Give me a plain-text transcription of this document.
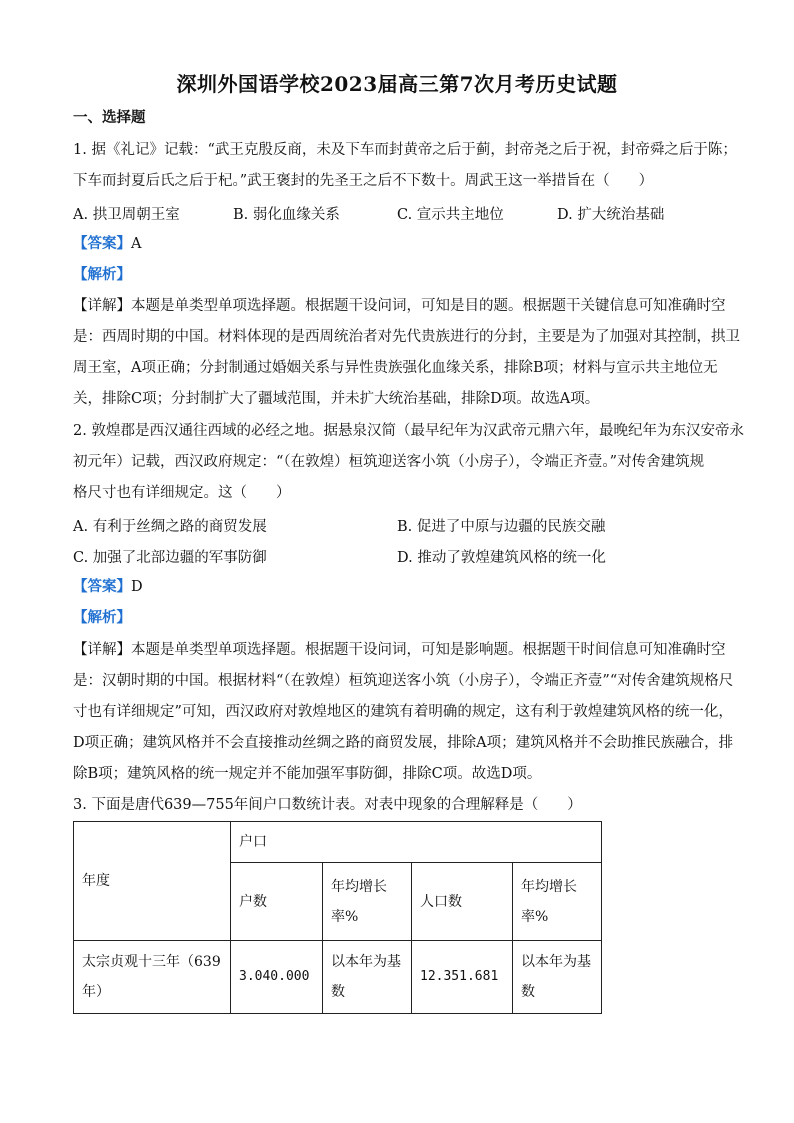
深圳外国语学校2023届高三第7次月考历史试题
一、选择题
1. 据《礼记》记载：“武王克殷反商，未及下车而封黄帝之后于蓟，封帝尧之后于祝，封帝舜之后于陈；
下车而封夏后氏之后于杞。”武王褒封的先圣王之后不下数十。周武王这一举措旨在（　　）
A. 拱卫周朝王室	B. 弱化血缘关系	C. 宣示共主地位	D. 扩大统治基础
【答案】A
【解析】
【详解】本题是单类型单项选择题。根据题干设问词，可知是目的题。根据题干关键信息可知准确时空
是：西周时期的中国。材料体现的是西周统治者对先代贵族进行的分封，主要是为了加强对其控制，拱卫
周王室，A项正确；分封制通过婚姻关系与异性贵族强化血缘关系，排除B项；材料与宣示共主地位无
关，排除C项；分封制扩大了疆域范围，并未扩大统治基础，排除D项。故选A项。
2. 敦煌郡是西汉通往西域的必经之地。据悬泉汉简（最早纪年为汉武帝元鼎六年，最晚纪年为东汉安帝永
初元年）记载，西汉政府规定：“（在敦煌）桓筑迎送客小筑（小房子），令端正齐壹。”对传舍建筑规
格尺寸也有详细规定。这（　　）
A. 有利于丝绸之路的商贸发展	B. 促进了中原与边疆的民族交融
C. 加强了北部边疆的军事防御	D. 推动了敦煌建筑风格的统一化
【答案】D
【解析】
【详解】本题是单类型单项选择题。根据题干设问词，可知是影响题。根据题干时间信息可知准确时空
是：汉朝时期的中国。根据材料“（在敦煌）桓筑迎送客小筑（小房子），令端正齐壹”“对传舍建筑规格尺
寸也有详细规定”可知，西汉政府对敦煌地区的建筑有着明确的规定，这有利于敦煌建筑风格的统一化，
D项正确；建筑风格并不会直接推动丝绸之路的商贸发展，排除A项；建筑风格并不会助推民族融合，排
除B项；建筑风格的统一规定并不能加强军事防御，排除C项。故选D项。
3. 下面是唐代639—755年间户口数统计表。对表中现象的合理解释是（　　）
年度	户口			
	户数	年均增长率%	人口数	年均增长率%
太宗贞观十三年（639年）	3.040.000	以本年为基数	12.351.681	以本年为基数
